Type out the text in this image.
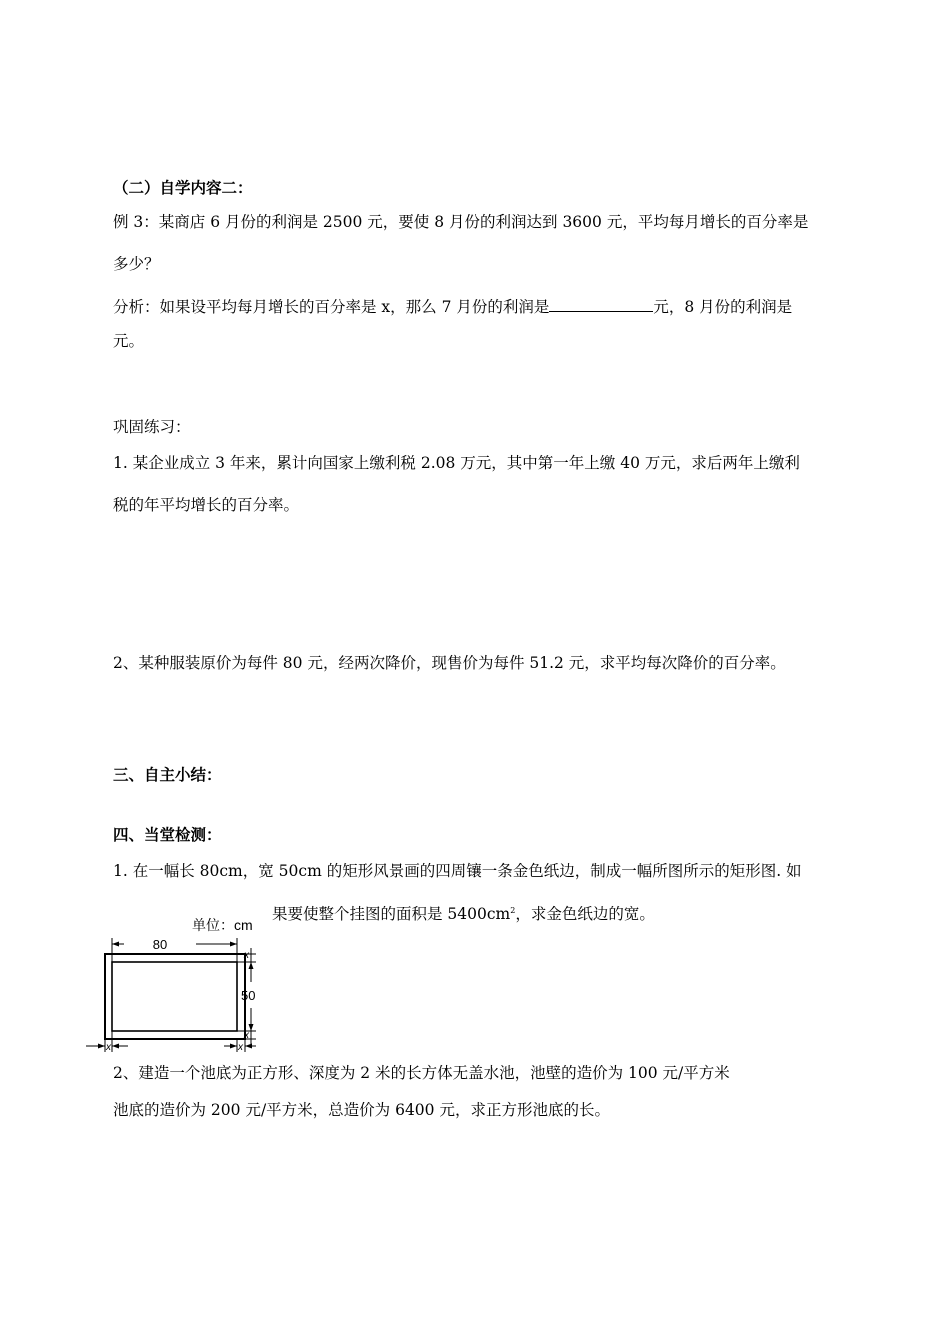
（二）自学内容二：
例 3：某商店 6 月份的利润是 2500 元，要使 8 月份的利润达到 3600 元，平均每月增长的百分率是
多少？
分析：如果设平均每月增长的百分率是 x，那么 7 月份的利润是	元，8 月份的利润是
元。
巩固练习：
1. 某企业成立 3 年来，累计向国家上缴利税 2.08 万元，其中第一年上缴 40 万元，求后两年上缴利
税的年平均增长的百分率。
2、某种服装原价为每件 80 元，经两次降价，现售价为每件 51.2 元，求平均每次降价的百分率。
三、自主小结：
四、当堂检测：
1. 在一幅长 80cm，宽 50cm 的矩形风景画的四周镶一条金色纸边，制成一幅所图所示的矩形图. 如
果要使整个挂图的面积是 $5400cm^2$，求金色纸边的宽。
单位：cm
80
x
50
x
x	x
2、建造一个池底为正方形、深度为 2 米的长方体无盖水池，池壁的造价为 100 元/平方米
池底的造价为 200 元/平方米，总造价为 6400 元，求正方形池底的长。
